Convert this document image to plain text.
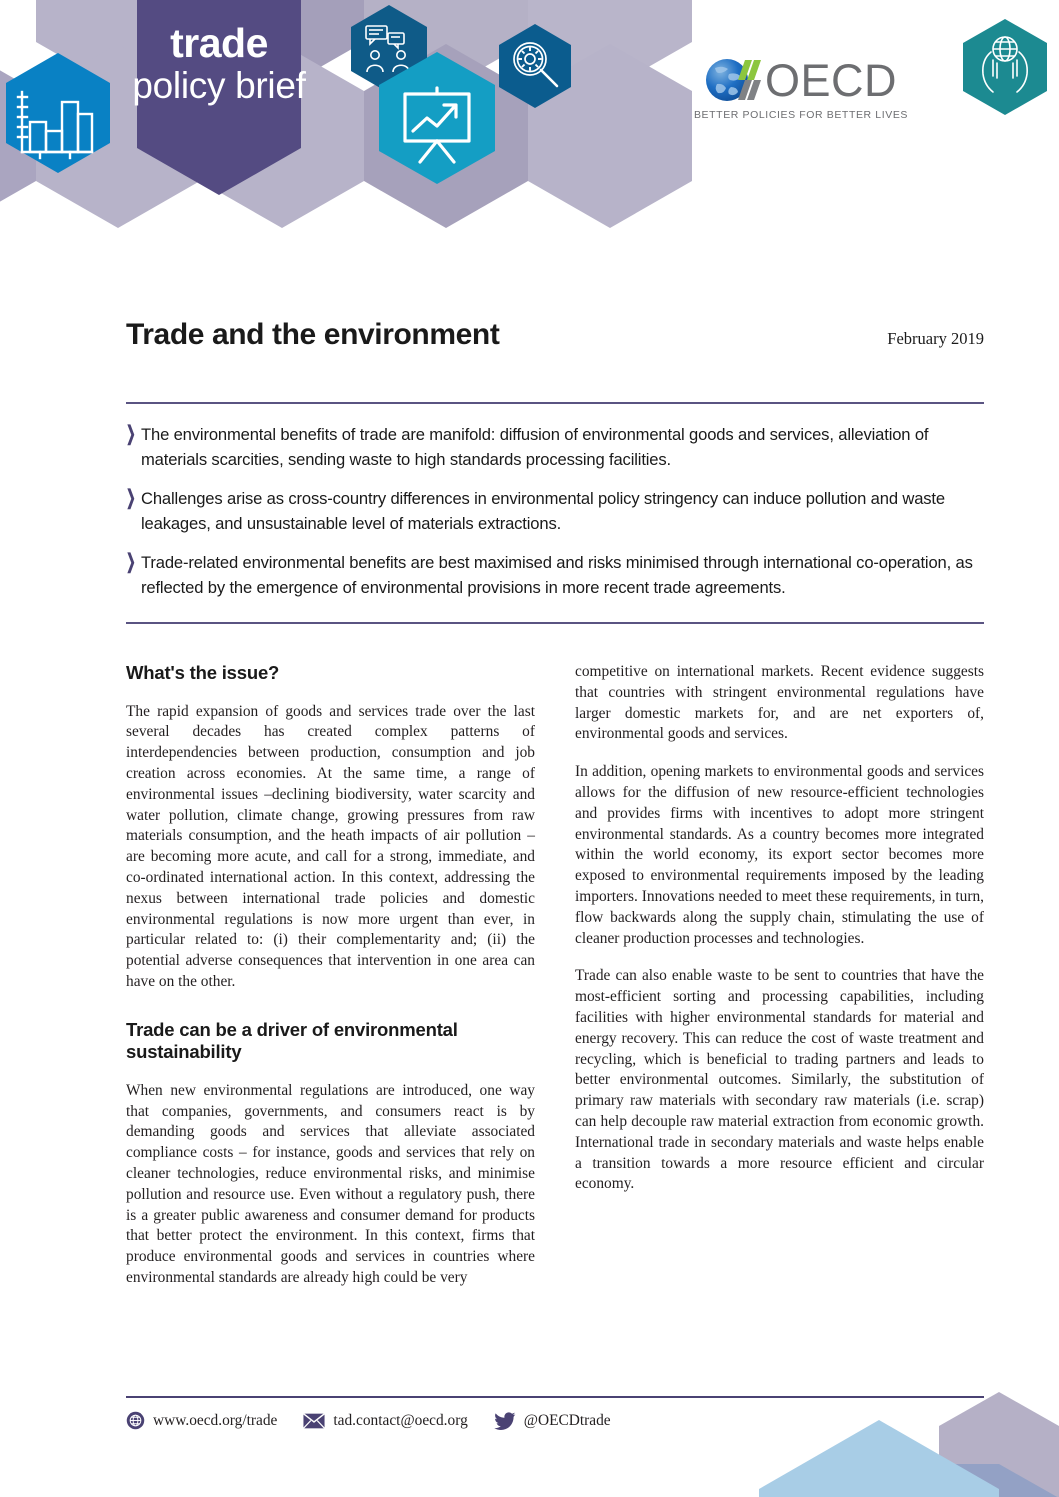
trade
policy brief	OECD
BETTER POLICIES FOR BETTER LIVES
Trade and the environment	February 2019
❯ The environmental benefits of trade are manifold: diffusion of environmental goods and services, alleviation of materials scarcities, sending waste to high standards processing facilities.
❯ Challenges arise as cross-country differences in environmental policy stringency can induce pollution and waste leakages, and unsustainable level of materials extractions.
❯ Trade-related environmental benefits are best maximised and risks minimised through international co-operation, as reflected by the emergence of environmental provisions in more recent trade agreements.
What's the issue?

The rapid expansion of goods and services trade over the last several decades has created complex patterns of interdependencies between production, consumption and job creation across economies. At the same time, a range of environmental issues –declining biodiversity, water scarcity and water pollution, climate change, growing pressures from raw materials consumption, and the heath impacts of air pollution – are becoming more acute, and call for a strong, immediate, and co-ordinated international action. In this context, addressing the nexus between international trade policies and domestic environmental regulations is now more urgent than ever, in particular related to: (i) their complementarity and; (ii) the potential adverse consequences that intervention in one area can have on the other.

Trade can be a driver of environmental sustainability

When new environmental regulations are introduced, one way that companies, governments, and consumers react is by demanding goods and services that alleviate associated compliance costs – for instance, goods and services that rely on cleaner technologies, reduce environmental risks, and minimise pollution and resource use. Even without a regulatory push, there is a greater public awareness and consumer demand for products that better protect the environment. In this context, firms that produce environmental goods and services in countries where environmental standards are already high could be very

competitive on international markets. Recent evidence suggests that countries with stringent environmental regulations have larger domestic markets for, and are net exporters of, environmental goods and services.

In addition, opening markets to environmental goods and services allows for the diffusion of new resource-efficient technologies and provides firms with incentives to adopt more stringent environmental standards. As a country becomes more integrated within the world economy, its export sector becomes more exposed to environmental requirements imposed by the leading importers. Innovations needed to meet these requirements, in turn, flow backwards along the supply chain, stimulating the use of cleaner production processes and technologies.

Trade can also enable waste to be sent to countries that have the most-efficient sorting and processing capabilities, including facilities with higher environmental standards for material and energy recovery. This can reduce the cost of waste treatment and recycling, which is beneficial to trading partners and leads to better environmental outcomes. Similarly, the substitution of primary raw materials with secondary raw materials (i.e. scrap) can help decouple raw material extraction from economic growth. International trade in secondary materials and waste helps enable a transition towards a more resource efficient and circular economy.

www.oecd.org/trade	tad.contact@oecd.org	@OECDtrade
